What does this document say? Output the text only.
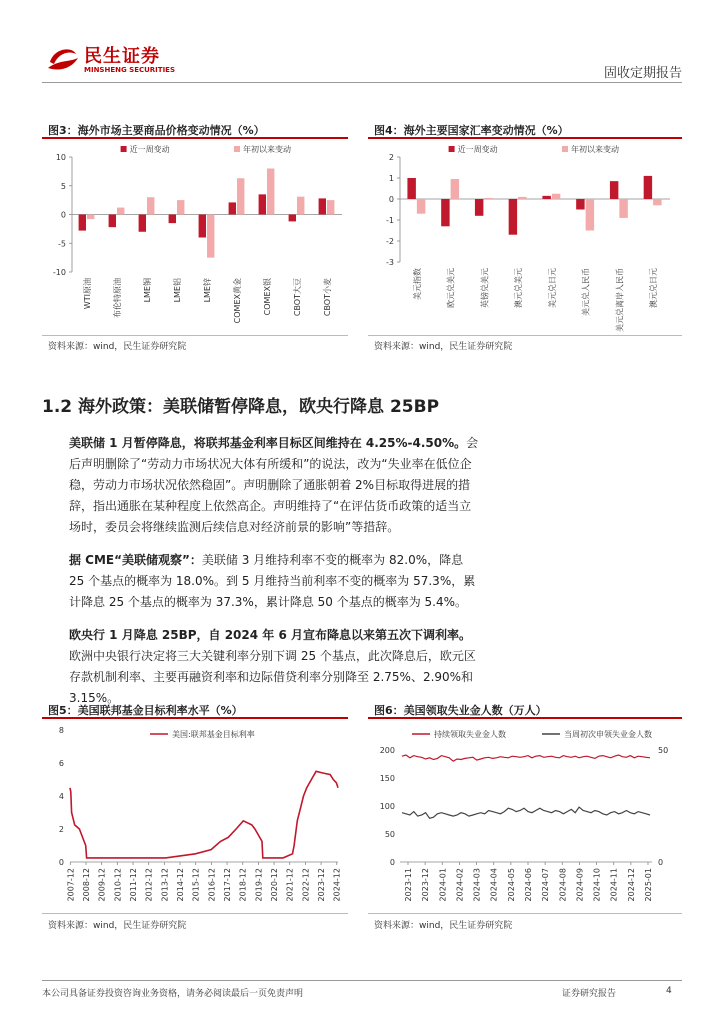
民生证券
MINSHENG SECURITIES	固收定期报告
图3：海外市场主要商品价格变动情况（%）
-10
-5
0
5
10
WTI原油	布伦特原油	LME铜	LME铝	LME锌	COMEX黄金	COMEX银	CBOT大豆	CBOT小麦
近一周变动	年初以来变动
资料来源：wind，民生证券研究院
图4：海外主要国家汇率变动情况（%）
-3
-2
-1
0
1
2
美元指数	欧元兑美元	英镑兑美元	澳元兑美元	美元兑日元	美元兑人民币	美元兑离岸人民币	澳元兑日元
近一周变动	年初以来变动
资料来源：wind，民生证券研究院
1.2 海外政策：美联储暂停降息，欧央行降息 25BP
美联储 1 月暂停降息，将联邦基金利率目标区间维持在 4.25%-4.50%。会后声明删除了“劳动力市场状况大体有所缓和”的说法，改为“失业率在低位企稳，劳动力市场状况依然稳固”。声明删除了通胀朝着 2%目标取得进展的措辞，指出通胀在某种程度上依然高企。声明维持了“在评估货币政策的适当立场时，委员会将继续监测后续信息对经济前景的影响”等措辞。
据 CME“美联储观察”：美联储 3 月维持利率不变的概率为 82.0%，降息 25 个基点的概率为 18.0%。到 5 月维持当前利率不变的概率为 57.3%，累计降息 25 个基点的概率为 37.3%，累计降息 50 个基点的概率为 5.4%。
欧央行 1 月降息 25BP，自 2024 年 6 月宣布降息以来第五次下调利率。欧洲中央银行决定将三大关键利率分别下调 25 个基点，此次降息后，欧元区存款机制利率、主要再融资利率和边际借贷利率分别降至 2.75%、2.90%和 3.15%。
图5：美国联邦基金目标利率水平（%）
0
2
4
6
8
2007-12 2008-12 2009-12 2010-12 2011-12 2012-12 2013-12 2014-12 2015-12 2016-12 2017-12 2018-12 2019-12 2020-12 2021-12 2022-12 2023-12 2024-12
美国:联邦基金目标利率
资料来源：wind，民生证券研究院
图6：美国领取失业金人数（万人）
0
50
100
150
200
0
50
2023-11 2023-12 2024-01 2024-02 2024-03 2024-04 2024-05 2024-06 2024-07 2024-08 2024-09 2024-10 2024-11 2024-12 2025-01
持续领取失业金人数	当周初次申领失业金人数
资料来源：wind，民生证券研究院
本公司具备证券投资咨询业务资格，请务必阅读最后一页免责声明	证券研究报告	4
